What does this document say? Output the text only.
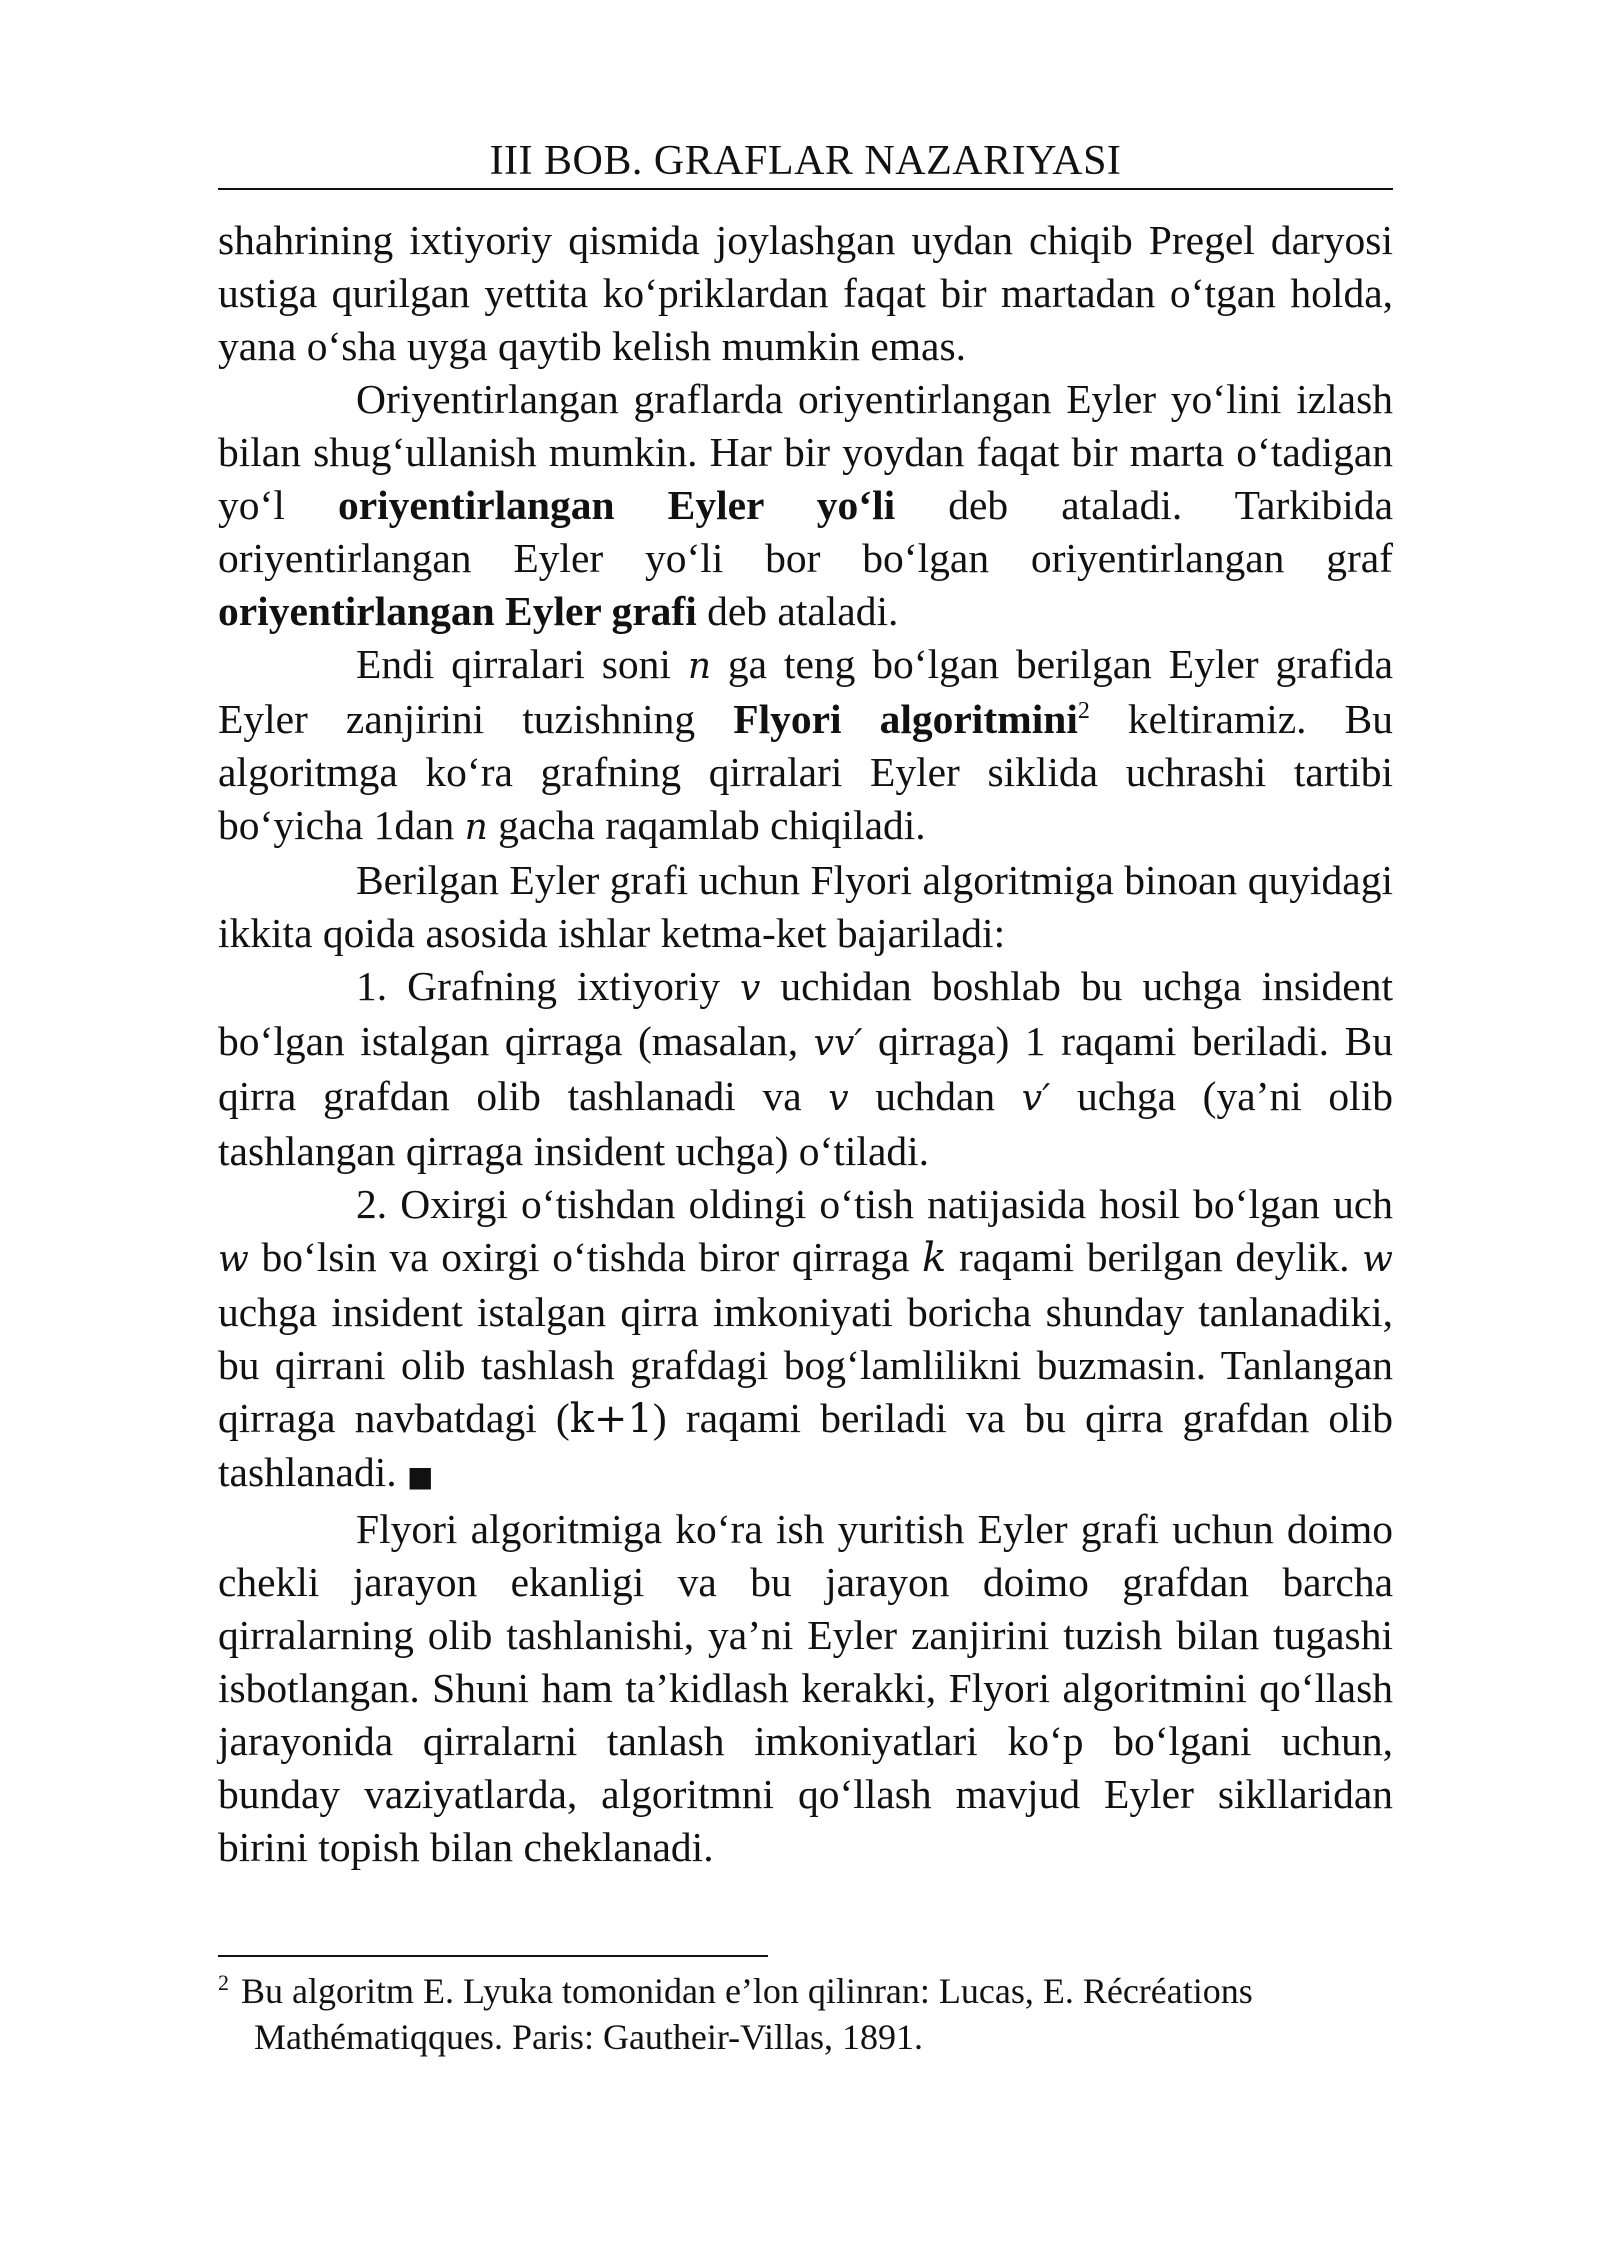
III BOB. GRAFLAR NAZARIYASI

shahrining ixtiyoriy qismida joylashgan uydan chiqib Pregel daryosi ustiga qurilgan yettita ko‘priklardan faqat bir martadan o‘tgan holda, yana o‘sha uyga qaytib kelish mumkin emas.

Oriyentirlangan graflarda oriyentirlangan Eyler yo‘lini izlash bilan shug‘ullanish mumkin. Har bir yoydan faqat bir marta o‘tadigan yo‘l oriyentirlangan Eyler yo‘li deb ataladi. Tarkibida oriyentirlangan Eyler yo‘li bor bo‘lgan oriyentirlangan graf oriyentirlangan Eyler grafi deb ataladi.

Endi qirralari soni n ga teng bo‘lgan berilgan Eyler grafida Eyler zanjirini tuzishning Flyori algoritmini$^2$ keltiramiz. Bu algoritmga ko‘ra grafning qirralari Eyler siklida uchrashi tartibi bo‘yicha 1dan n gacha raqamlab chiqiladi.

Berilgan Eyler grafi uchun Flyori algoritmiga binoan quyidagi ikkita qoida asosida ishlar ketma-ket bajariladi:

1. Grafning ixtiyoriy v uchidan boshlab bu uchga insident bo‘lgan istalgan qirraga (masalan, vv′ qirraga) 1 raqami beriladi. Bu qirra grafdan olib tashlanadi va v uchdan v′ uchga (ya’ni olib tashlangan qirraga insident uchga) o‘tiladi.

2. Oxirgi o‘tishdan oldingi o‘tish natijasida hosil bo‘lgan uch w bo‘lsin va oxirgi o‘tishda biror qirraga k raqami berilgan deylik. w uchga insident istalgan qirra imkoniyati boricha shunday tanlanadiki, bu qirrani olib tashlash grafdagi bog‘lamlilikni buzmasin. Tanlangan qirraga navbatdagi (k+1) raqami beriladi va bu qirra grafdan olib tashlanadi. ■

Flyori algoritmiga ko‘ra ish yuritish Eyler grafi uchun doimo chekli jarayon ekanligi va bu jarayon doimo grafdan barcha qirralarning olib tashlanishi, ya’ni Eyler zanjirini tuzish bilan tugashi isbotlangan. Shuni ham ta’kidlash kerakki, Flyori algoritmini qo‘llash jarayonida qirralarni tanlash imkoniyatlari ko‘p bo‘lgani uchun, bunday vaziyatlarda, algoritmni qo‘llash mavjud Eyler sikllaridan birini topish bilan cheklanadi.

$^2$ Bu algoritm E. Lyuka tomonidan e’lon qilinran: Lucas, E. Récréations
Mathématiqques. Paris: Gautheir-Villas, 1891.
